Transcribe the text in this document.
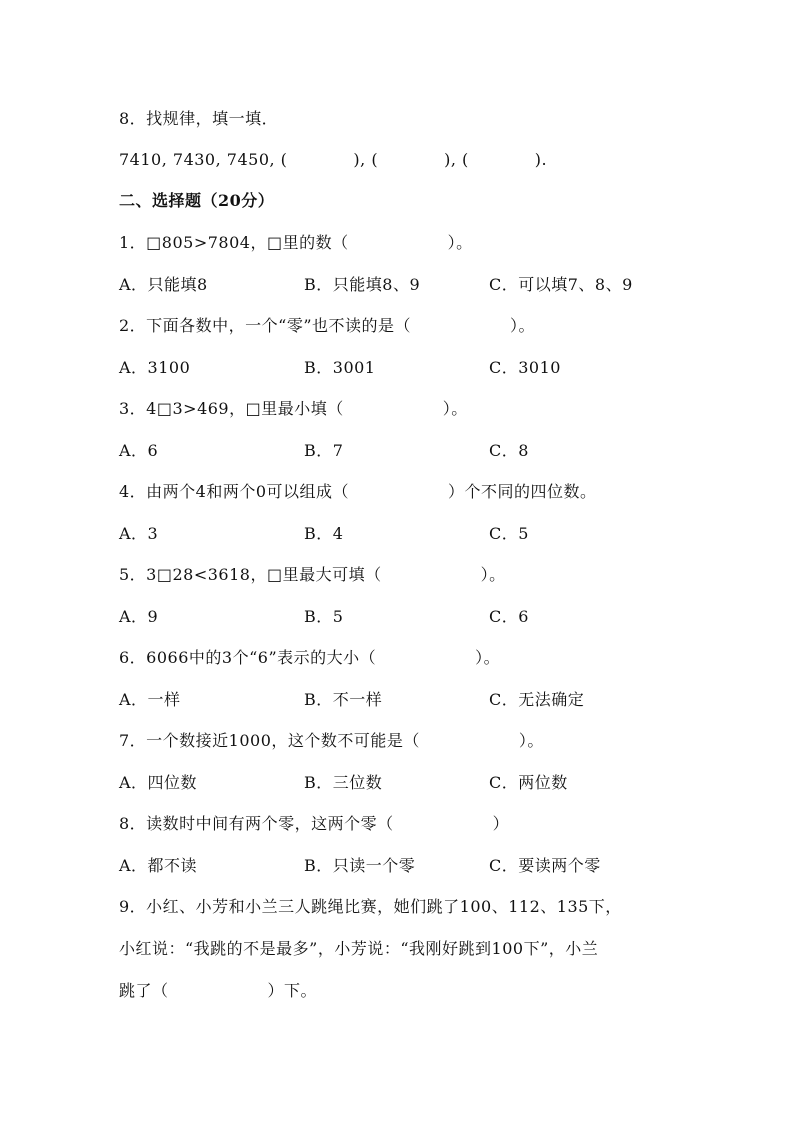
8．找规律，填一填．
7410, 7430, 7450, (　　　　), (　　　　), (　　　　).
二、选择题（20分）
1．□805>7804，□里的数（　　　　　　）。
A．只能填8	B．只能填8、9	C．可以填7、8、9
2．下面各数中，一个“零”也不读的是（　　　　　　）。
A．3100	B．3001	C．3010
3．4□3>469，□里最小填（　　　　　　）。
A．6	B．7	C．8
4．由两个4和两个0可以组成（　　　　　　）个不同的四位数。
A．3	B．4	C．5
5．3□28<3618，□里最大可填（　　　　　　）。
A．9	B．5	C．6
6．6066中的3个“6”表示的大小（　　　　　　）。
A．一样	B．不一样	C．无法确定
7．一个数接近1000，这个数不可能是（　　　　　　）。
A．四位数	B．三位数	C．两位数
8．读数时中间有两个零，这两个零（　　　　　　）
A．都不读	B．只读一个零	C．要读两个零
9．小红、小芳和小兰三人跳绳比赛，她们跳了100、112、135下，
小红说：“我跳的不是最多”，小芳说：“我刚好跳到100下”，小兰
跳了（　　　　　　）下。
